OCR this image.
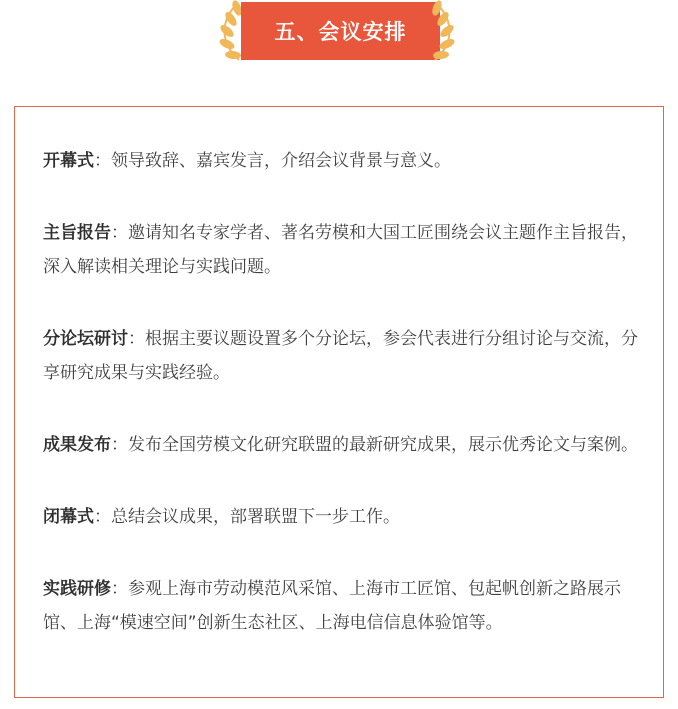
五、会议安排

开幕式：领导致辞、嘉宾发言，介绍会议背景与意义。

主旨报告：邀请知名专家学者、著名劳模和大国工匠围绕会议主题作主旨报告，深入解读相关理论与实践问题。

分论坛研讨：根据主要议题设置多个分论坛，参会代表进行分组讨论与交流，分享研究成果与实践经验。

成果发布：发布全国劳模文化研究联盟的最新研究成果，展示优秀论文与案例。

闭幕式：总结会议成果，部署联盟下一步工作。

实践研修：参观上海市劳动模范风采馆、上海市工匠馆、包起帆创新之路展示馆、上海“模速空间”创新生态社区、上海电信信息体验馆等。
